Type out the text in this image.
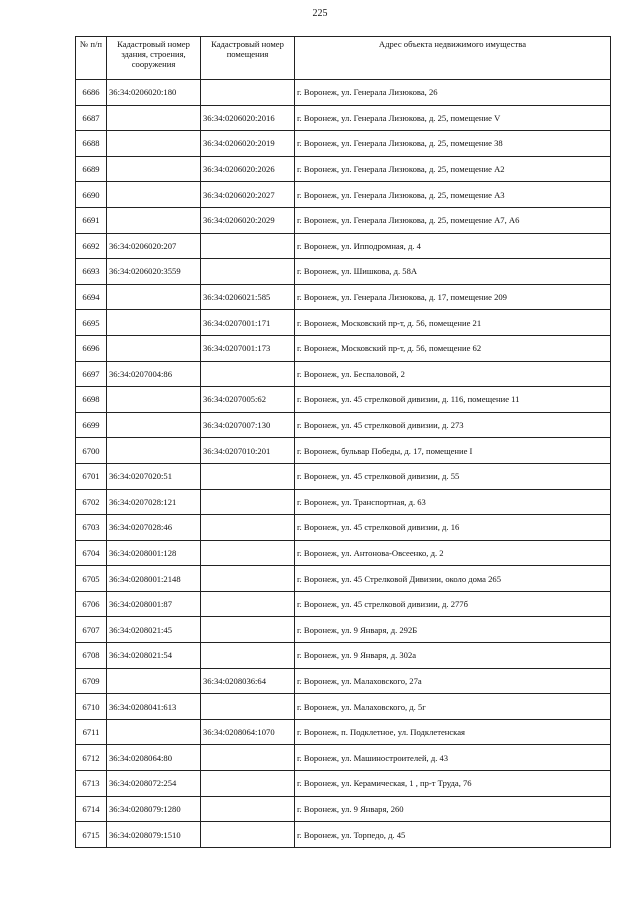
225
№ п/п	Кадастровый номер здания, строения, сооружения	Кадастровый номер помещения	Адрес объекта недвижимого имущества
6686	36:34:0206020:180		г. Воронеж, ул. Генерала Лизюкова, 26
6687		36:34:0206020:2016	г. Воронеж, ул. Генерала Лизюкова, д. 25, помещение V
6688		36:34:0206020:2019	г. Воронеж, ул. Генерала Лизюкова, д. 25, помещение 38
6689		36:34:0206020:2026	г. Воронеж, ул. Генерала Лизюкова, д. 25, помещение А2
6690		36:34:0206020:2027	г. Воронеж, ул. Генерала Лизюкова, д. 25, помещение А3
6691		36:34:0206020:2029	г. Воронеж, ул. Генерала Лизюкова, д. 25, помещение А7, А6
6692	36:34:0206020:207		г. Воронеж, ул. Ипподромная, д. 4
6693	36:34:0206020:3559		г. Воронеж, ул. Шишкова, д. 58А
6694		36:34:0206021:585	г. Воронеж, ул. Генерала Лизюкова, д. 17, помещение 209
6695		36:34:0207001:171	г. Воронеж, Московский пр-т, д. 56, помещение 21
6696		36:34:0207001:173	г. Воронеж, Московский пр-т, д. 56, помещение 62
6697	36:34:0207004:86		г. Воронеж, ул. Беспаловой, 2
6698		36:34:0207005:62	г. Воронеж, ул. 45 стрелковой дивизии, д. 116, помещение 11
6699		36:34:0207007:130	г. Воронеж, ул. 45 стрелковой дивизии, д. 273
6700		36:34:0207010:201	г. Воронеж, бульвар Победы, д. 17, помещение I
6701	36:34:0207020:51		г. Воронеж, ул. 45 стрелковой дивизии, д. 55
6702	36:34:0207028:121		г. Воронеж, ул. Транспортная, д. 63
6703	36:34:0207028:46		г. Воронеж, ул. 45 стрелковой дивизии, д. 16
6704	36:34:0208001:128		г. Воронеж, ул. Антонова-Овсеенко, д. 2
6705	36:34:0208001:2148		г. Воронеж, ул. 45 Стрелковой Дивизии, около дома 265
6706	36:34:0208001:87		г. Воронеж, ул. 45 стрелковой дивизии, д. 277б
6707	36:34:0208021:45		г. Воронеж, ул. 9 Января, д. 292Б
6708	36:34:0208021:54		г. Воронеж, ул. 9 Января, д. 302а
6709		36:34:0208036:64	г. Воронеж, ул. Малаховского, 27а
6710	36:34:0208041:613		г. Воронеж, ул. Малаховского, д. 5г
6711		36:34:0208064:1070	г. Воронеж, п. Подклетное, ул. Подклетенская
6712	36:34:0208064:80		г. Воронеж, ул. Машиностроителей, д. 43
6713	36:34:0208072:254		г. Воронеж, ул. Керамическая, 1 , пр-т Труда, 76
6714	36:34:0208079:1280		г. Воронеж, ул. 9 Января, 260
6715	36:34:0208079:1510		г. Воронеж, ул. Торпедо, д. 45
